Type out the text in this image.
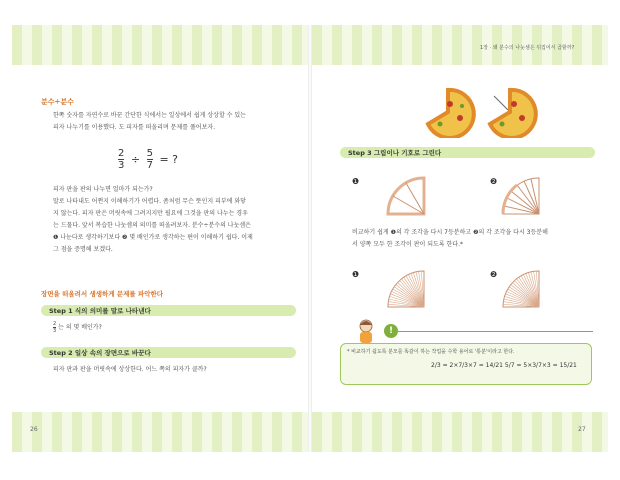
1장 · 왜 분수의 나눗셈은 뒤집어서 곱할까?
26	27
분수÷분수
한쪽 숫자를 자연수로 바꾼 간단한 식에서는 일상에서 쉽게 상상할 수 있는
피자 나누기를 이용했다. 도 피자를 떠올리며 문제를 풀어보자.
$\frac{2}{3} \div \frac{5}{7}$ = ?
피자 판을 판의 나누면 얼마가 되는가?
말로 나타내도 어쩐지 이해하기가 어렵다. 좀처럼 무슨 뜻인지 피부에 와닿
지 않는다. 피자 판은 머릿속에 그려지지만 필요에 그것을 판의 나누는 경우
는 드물다. 앞서 복습한 나눗셈의 의미를 떠올려보자. 분수÷분수의 나눗셈은
❶ 나눈다로 생각하기보다 ❷ 몇 배인가로 생각하는 편이 이해하기 쉽다. 이제
그 점을 증명해 보겠다.
장면을 떠올려서 생생하게 문제를 파악한다
Step 1 식의 의미를 말로 나타낸다
$\frac{2}{3}$ 는 의 몇 배인가?
Step 2 일상 속의 장면으로 바꾼다
피자 판과 판을 머릿속에 상상한다. 어느 쪽의 피자가 클까?
Step 3 그림이나 기호로 그린다
❶	❷
비교하기 쉽게 ❶의 각 조각을 다시 7등분하고 ❷의 각 조각을 다시 3등분해
서 양쪽 모두 한 조각이 판이 되도록 한다.*
❶	❷
!
* 비교하기 쉽도록 분모를 똑같이 하는 작업을 수학 용어로 '통분'이라고 한다.
2/3 = 2×7/3×7 = 14/21 5/7 = 5×3/7×3 = 15/21
